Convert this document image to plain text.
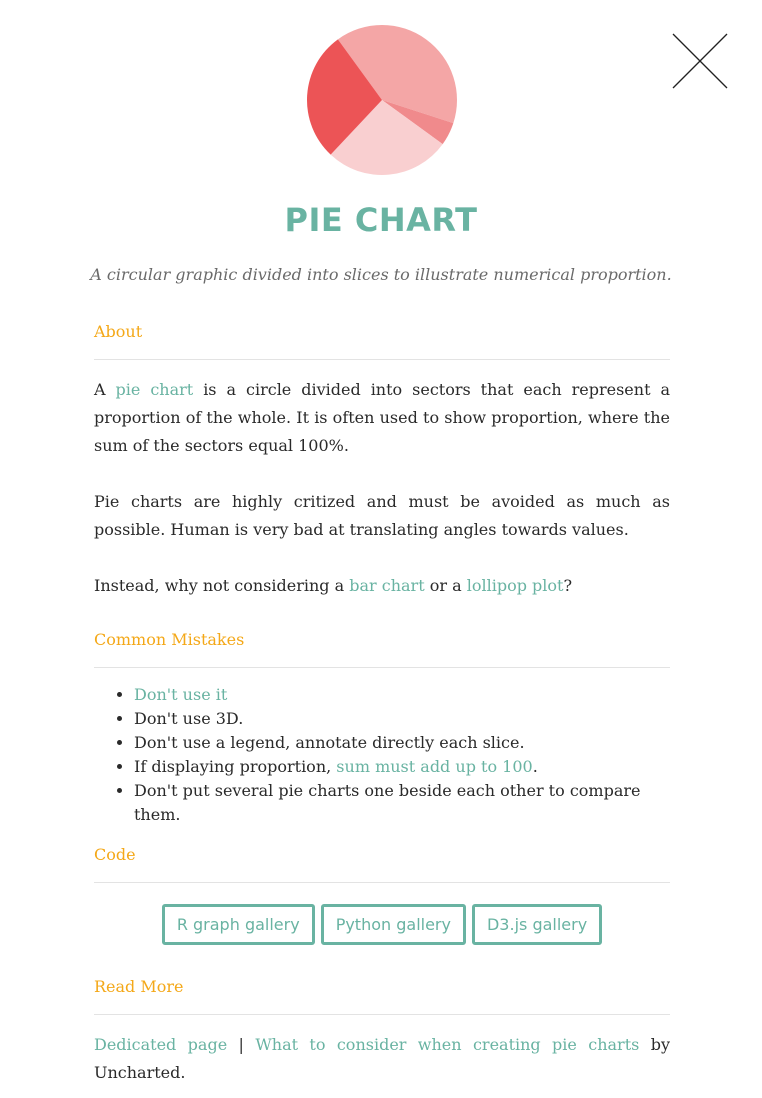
PIE CHART
A circular graphic divided into slices to illustrate numerical proportion.
About

A pie chart is a circle divided into sectors that each represent a proportion of the whole. It is often used to show proportion, where the sum of the sectors equal 100%.

Pie charts are highly critized and must be avoided as much as possible. Human is very bad at translating angles towards values.

Instead, why not considering a bar chart or a lollipop plot?

Common Mistakes
• Don't use it
• Don't use 3D.
• Don't use a legend, annotate directly each slice.
• If displaying proportion, sum must add up to 100.
• Don't put several pie charts one beside each other to compare them.
Code
R graph gallery	Python gallery	D3.js gallery
Read More

Dedicated page | What to consider when creating pie charts by Uncharted.
